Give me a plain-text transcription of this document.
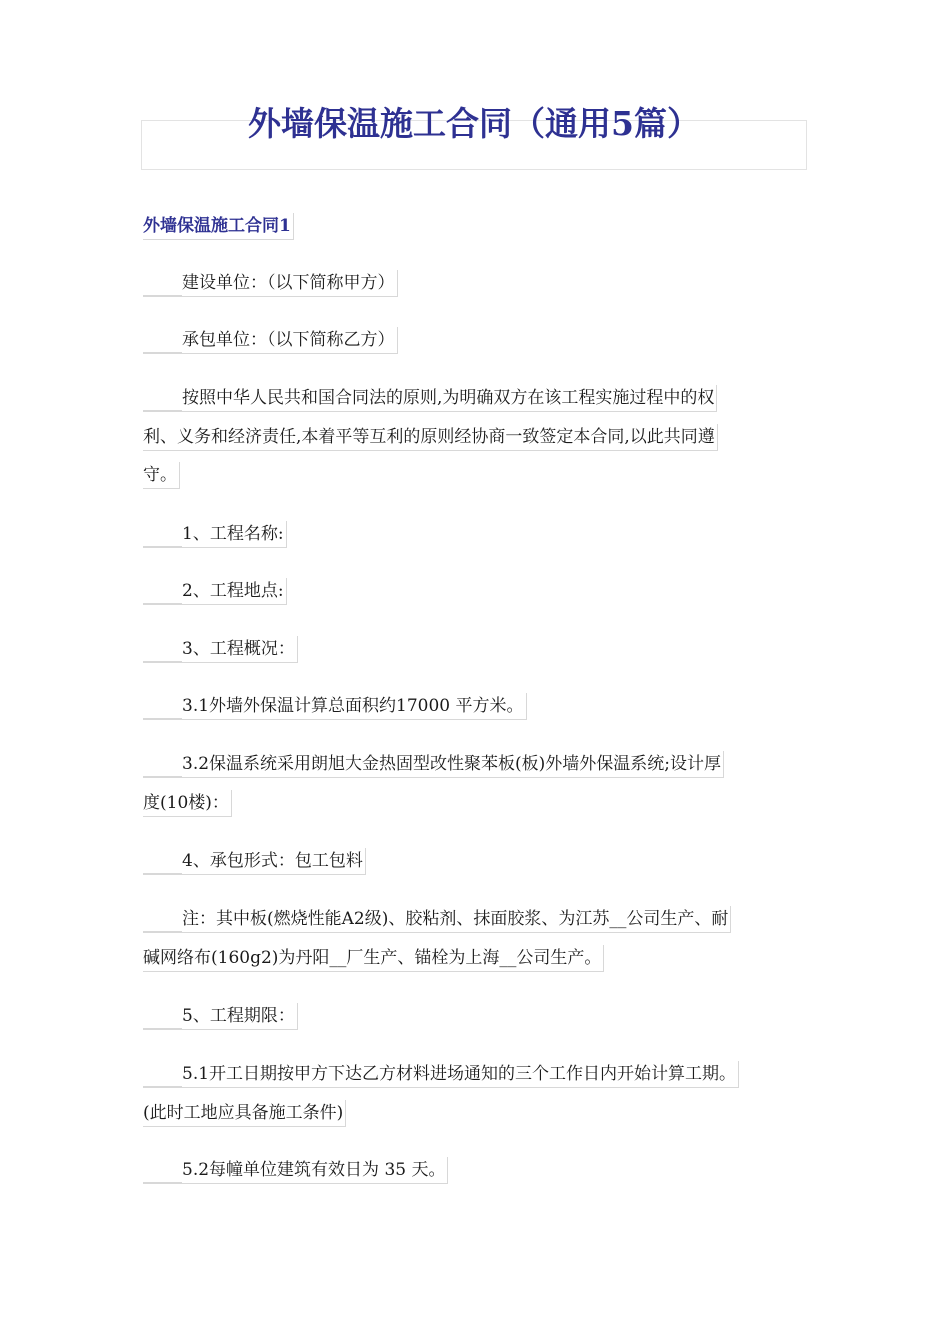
外墙保温施工合同（通用5篇）
外墙保温施工合同1
建设单位：（以下简称甲方）
承包单位：（以下简称乙方）
按照中华人民共和国合同法的原则,为明确双方在该工程实施过程中的权
利、义务和经济责任,本着平等互利的原则经协商一致签定本合同,以此共同遵
守。
1、工程名称:
2、工程地点:
3、工程概况：
3.1外墙外保温计算总面积约17000 平方米。
3.2保温系统采用朗旭大金热固型改性聚苯板(板)外墙外保温系统;设计厚
度(10楼)：
4、承包形式：包工包料
注：其中板(燃烧性能A2级)、胶粘剂、抹面胶浆、为江苏__公司生产、耐
碱网络布(160g2)为丹阳__厂生产、锚栓为上海__公司生产。
5、工程期限：
5.1开工日期按甲方下达乙方材料进场通知的三个工作日内开始计算工期。
(此时工地应具备施工条件)
5.2每幢单位建筑有效日为 35 天。
